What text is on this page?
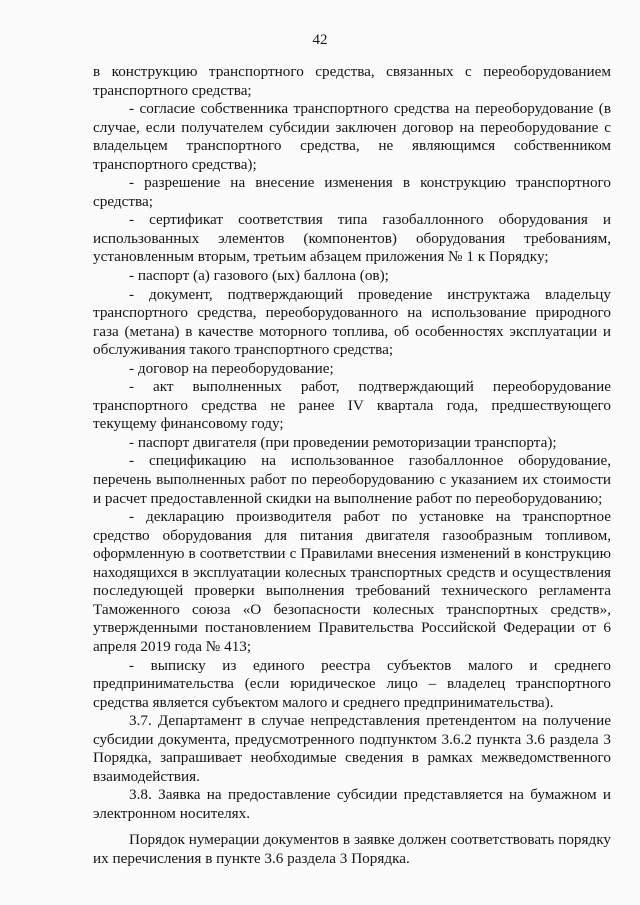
42

в конструкцию транспортного средства, связанных с переоборудованием транспортного средства;

- согласие собственника транспортного средства на переоборудование (в случае, если получателем субсидии заключен договор на переоборудование с владельцем транспортного средства, не являющимся собственником транспортного средства);

- разрешение на внесение изменения в конструкцию транспортного средства;

- сертификат соответствия типа газобаллонного оборудования и использованных элементов (компонентов) оборудования требованиям, установленным вторым, третьим абзацем приложения № 1 к Порядку;

- паспорт (а) газового (ых) баллона (ов);

- документ, подтверждающий проведение инструктажа владельцу транспортного средства, переоборудованного на использование природного газа (метана) в качестве моторного топлива, об особенностях эксплуатации и обслуживания такого транспортного средства;

- договор на переоборудование;

- акт выполненных работ, подтверждающий переоборудование транспортного средства не ранее IV квартала года, предшествующего текущему финансовому году;

- паспорт двигателя (при проведении ремоторизации транспорта);

- спецификацию на использованное газобаллонное оборудование, перечень выполненных работ по переоборудованию с указанием их стоимости и расчет предоставленной скидки на выполнение работ по переоборудованию;

- декларацию производителя работ по установке на транспортное средство оборудования для питания двигателя газообразным топливом, оформленную в соответствии с Правилами внесения изменений в конструкцию находящихся в эксплуатации колесных транспортных средств и осуществления последующей проверки выполнения требований технического регламента Таможенного союза «О безопасности колесных транспортных средств», утвержденными постановлением Правительства Российской Федерации от 6 апреля 2019 года № 413;

- выписку из единого реестра субъектов малого и среднего предпринимательства (если юридическое лицо – владелец транспортного средства является субъектом малого и среднего предпринимательства).

3.7. Департамент в случае непредставления претендентом на получение субсидии документа, предусмотренного подпунктом 3.6.2 пункта 3.6 раздела 3 Порядка, запрашивает необходимые сведения в рамках межведомственного взаимодействия.

3.8. Заявка на предоставление субсидии представляется на бумажном и электронном носителях.

Порядок нумерации документов в заявке должен соответствовать порядку их перечисления в пункте 3.6 раздела 3 Порядка.
